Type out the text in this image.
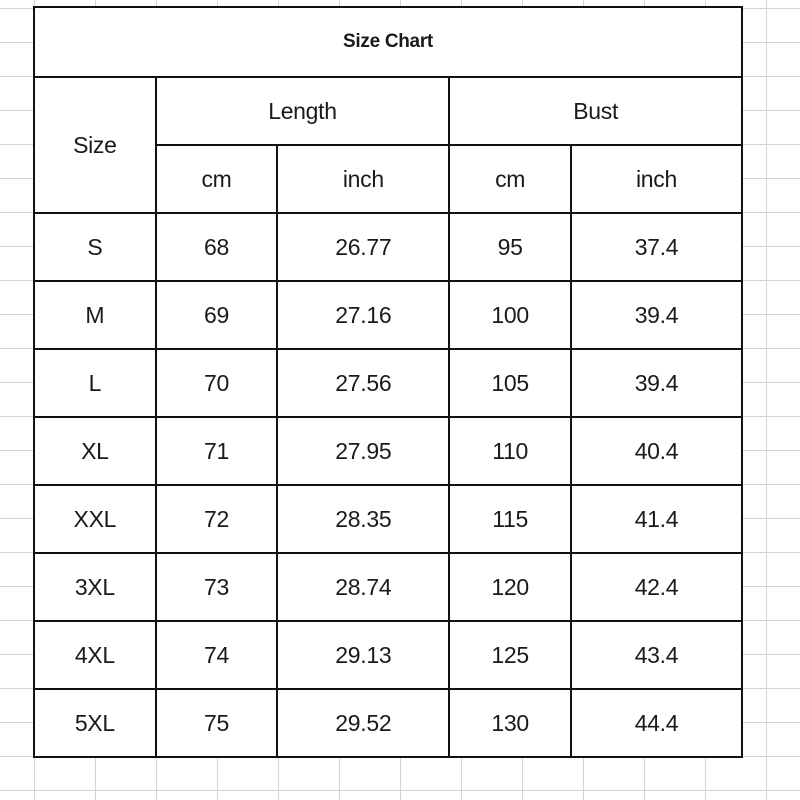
Size Chart				
Size	Length		Bust	
	cm	inch	cm	inch
S	68	26.77	95	37.4
M	69	27.16	100	39.4
L	70	27.56	105	39.4
XL	71	27.95	110	40.4
XXL	72	28.35	115	41.4
3XL	73	28.74	120	42.4
4XL	74	29.13	125	43.4
5XL	75	29.52	130	44.4
